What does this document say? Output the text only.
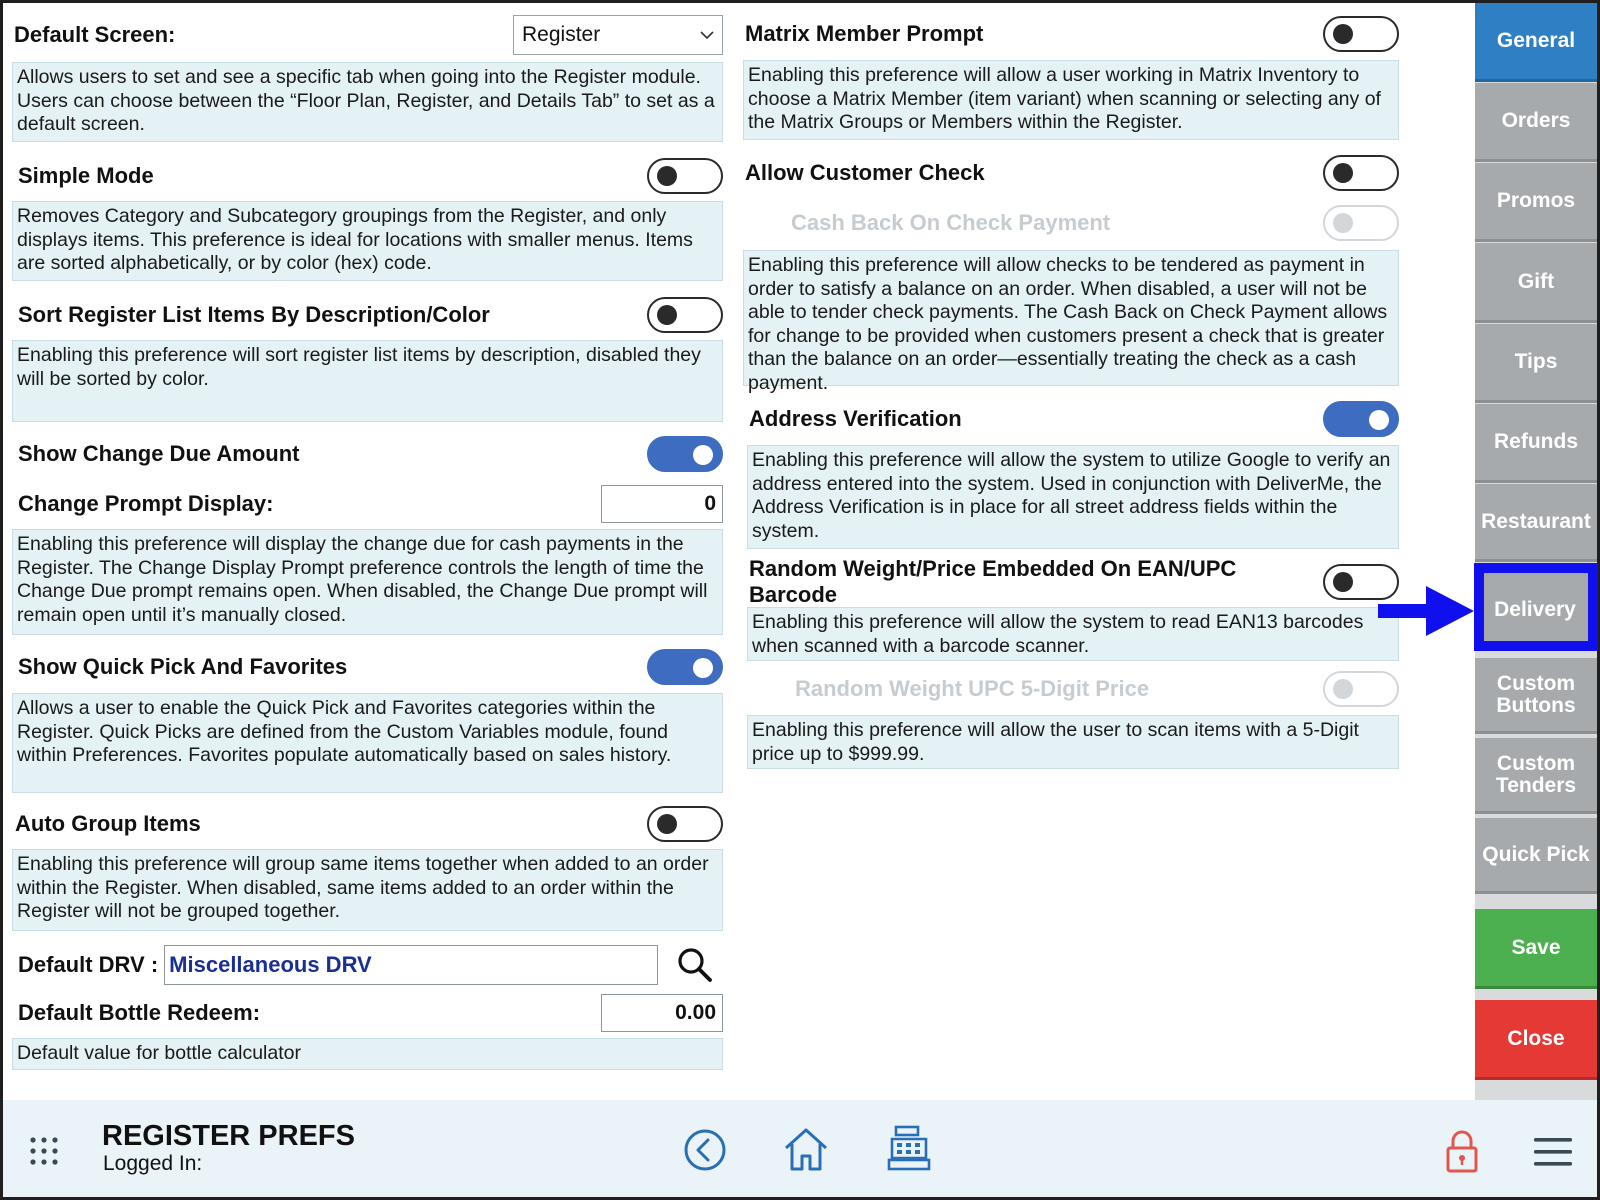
Default Screen:	Register
Allows users to set and see a specific tab when going into the Register module. Users can choose between the “Floor Plan, Register, and Details Tab” to set as a default screen.
Simple Mode
Removes Category and Subcategory groupings from the Register, and only displays items. This preference is ideal for locations with smaller menus. Items are sorted alphabetically, or by color (hex) code.
Sort Register List Items By Description/Color
Enabling this preference will sort register list items by description, disabled they will be sorted by color.
Show Change Due Amount
Change Prompt Display:	0
Enabling this preference will display the change due for cash payments in the Register. The Change Display Prompt preference controls the length of time the Change Due prompt remains open. When disabled, the Change Due prompt will remain open until it’s manually closed.
Show Quick Pick And Favorites
Allows a user to enable the Quick Pick and Favorites categories within the Register. Quick Picks are defined from the Custom Variables module, found within Preferences. Favorites populate automatically based on sales history.
Auto Group Items
Enabling this preference will group same items together when added to an order within the Register. When disabled, same items added to an order within the Register will not be grouped together.
Default DRV : Miscellaneous DRV
Default Bottle Redeem:	0.00
Default value for bottle calculator
Matrix Member Prompt
Enabling this preference will allow a user working in Matrix Inventory to choose a Matrix Member (item variant) when scanning or selecting any of the Matrix Groups or Members within the Register.
Allow Customer Check
Cash Back On Check Payment
Enabling this preference will allow checks to be tendered as payment in order to satisfy a balance on an order. When disabled, a user will not be able to tender check payments. The Cash Back on Check Payment allows for change to be provided when customers present a check that is greater than the balance on an order—essentially treating the check as a cash payment.
Address Verification
Enabling this preference will allow the system to utilize Google to verify an address entered into the system. Used in conjunction with DeliverMe, the Address Verification is in place for all street address fields within the system.
Random Weight/Price Embedded On EAN/UPC Barcode
Enabling this preference will allow the system to read EAN13 barcodes when scanned with a barcode scanner.
Random Weight UPC 5-Digit Price
Enabling this preference will allow the user to scan items with a 5-Digit price up to $999.99.
General
Orders
Promos
Gift
Tips
Refunds
Restaurant
Delivery
Custom Buttons
Custom Tenders
Quick Pick
Save
Close
REGISTER PREFS
Logged In:
